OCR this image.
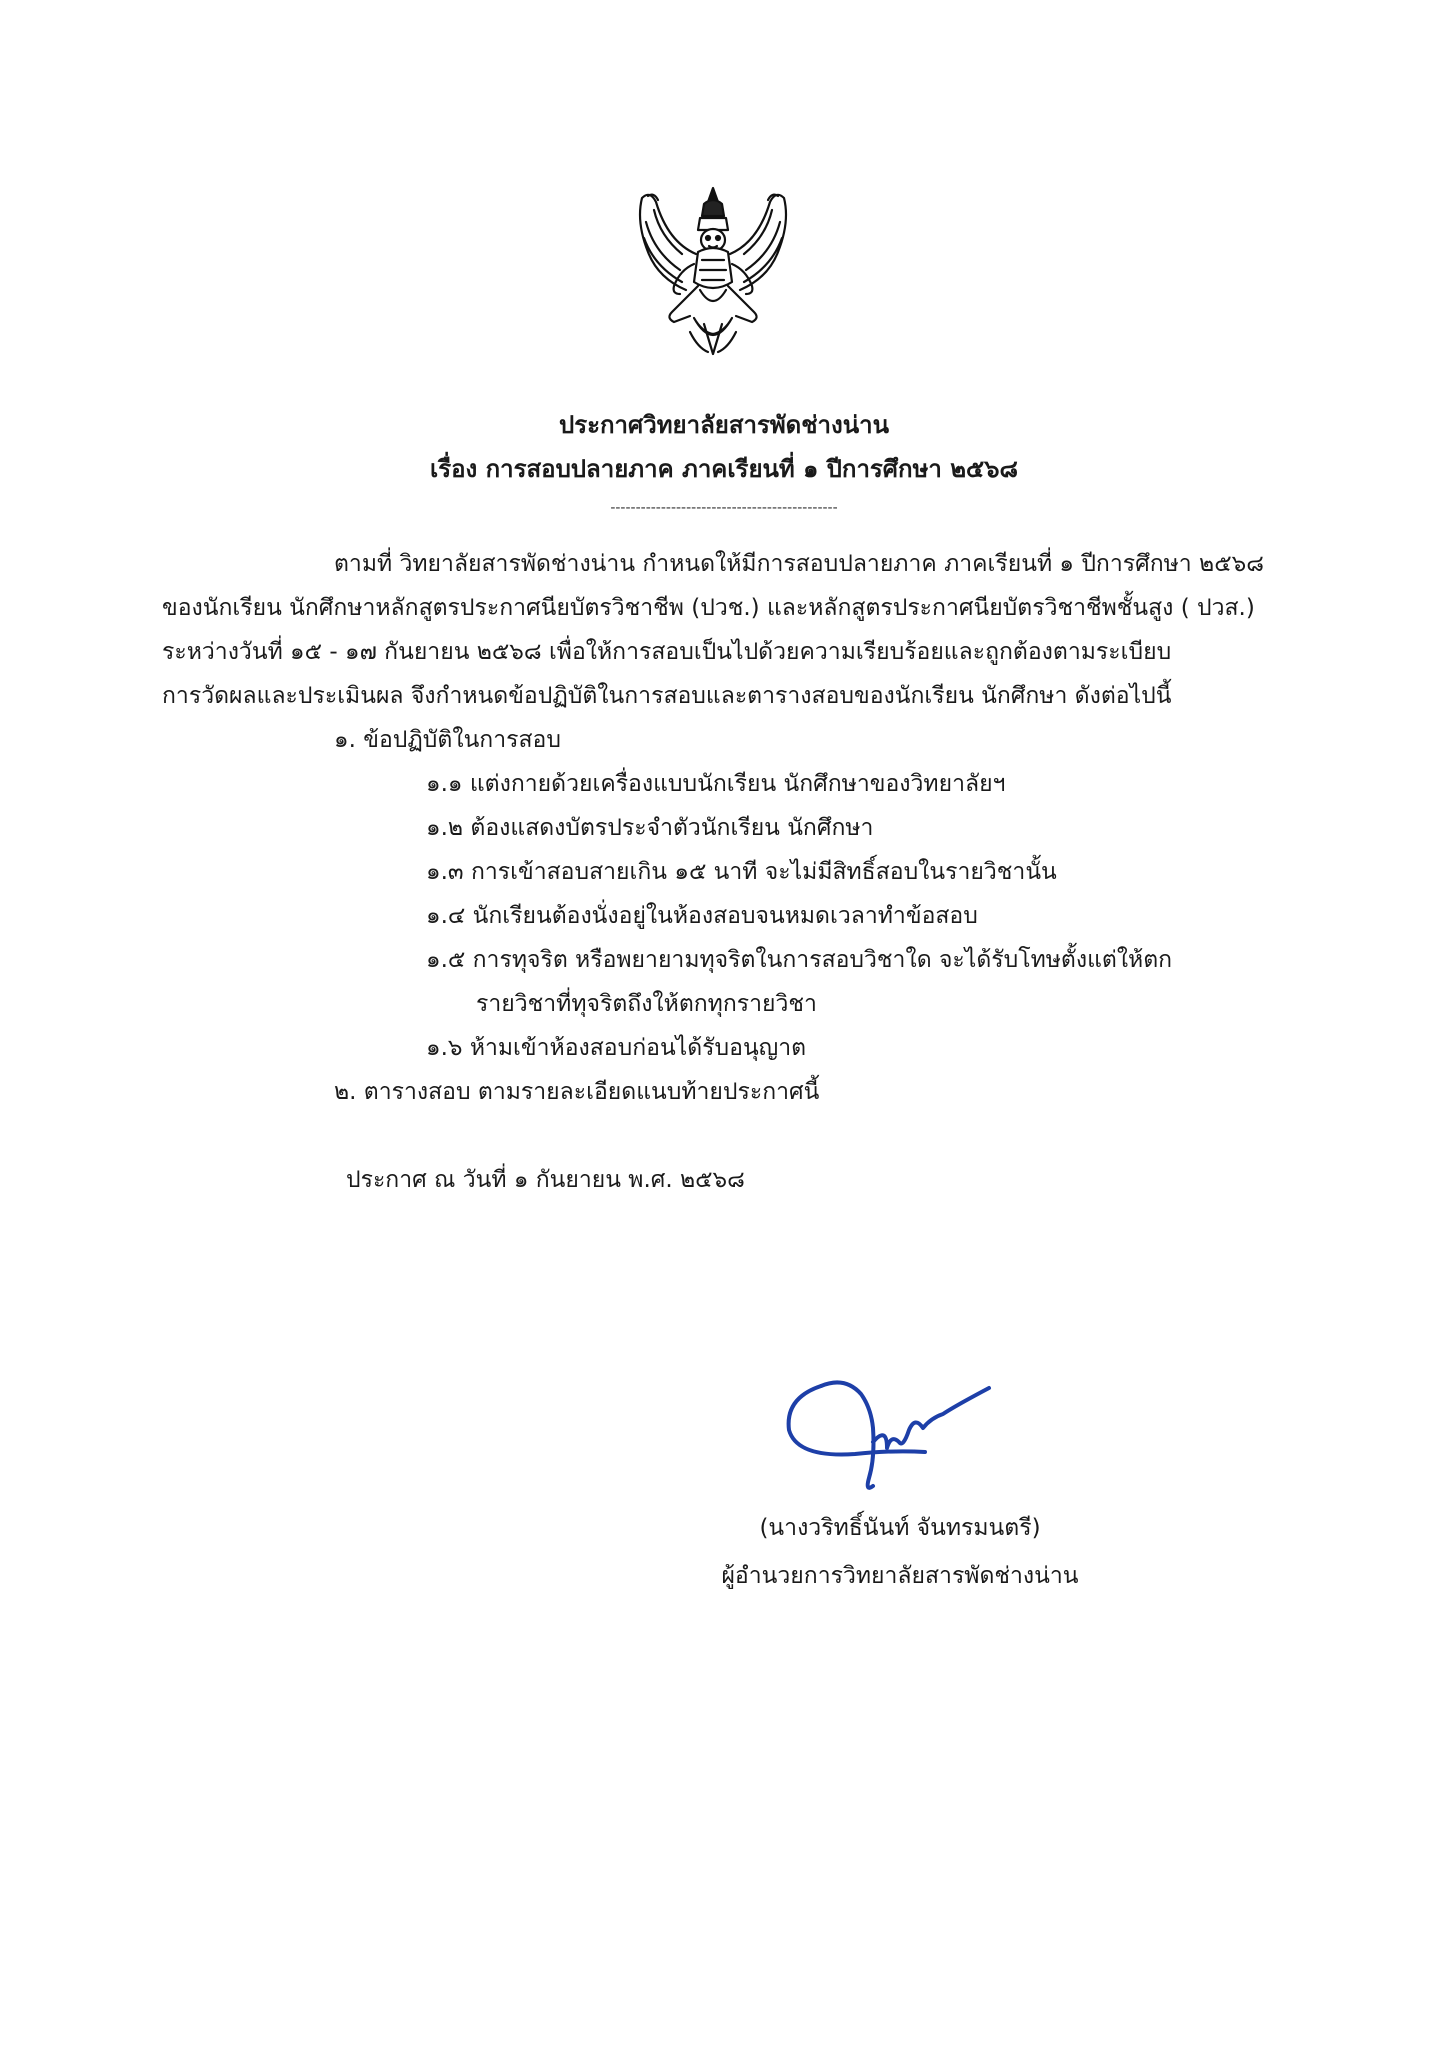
ประกาศวิทยาลัยสารพัดช่างน่าน
เรื่อง การสอบปลายภาค ภาคเรียนที่ ๑ ปีการศึกษา ๒๕๖๘
---------------------------------------------
ตามที่ วิทยาลัยสารพัดช่างน่าน กำหนดให้มีการสอบปลายภาค ภาคเรียนที่ ๑ ปีการศึกษา ๒๕๖๘
ของนักเรียน นักศึกษาหลักสูตรประกาศนียบัตรวิชาชีพ (ปวช.) และหลักสูตรประกาศนียบัตรวิชาชีพชั้นสูง ( ปวส.)
ระหว่างวันที่ ๑๕ - ๑๗ กันยายน ๒๕๖๘ เพื่อให้การสอบเป็นไปด้วยความเรียบร้อยและถูกต้องตามระเบียบ
การวัดผลและประเมินผล จึงกำหนดข้อปฏิบัติในการสอบและตารางสอบของนักเรียน นักศึกษา ดังต่อไปนี้
๑. ข้อปฏิบัติในการสอบ
๑.๑ แต่งกายด้วยเครื่องแบบนักเรียน นักศึกษาของวิทยาลัยฯ
๑.๒ ต้องแสดงบัตรประจำตัวนักเรียน นักศึกษา
๑.๓ การเข้าสอบสายเกิน ๑๕ นาที จะไม่มีสิทธิ์สอบในรายวิชานั้น
๑.๔ นักเรียนต้องนั่งอยู่ในห้องสอบจนหมดเวลาทำข้อสอบ
๑.๕ การทุจริต หรือพยายามทุจริตในการสอบวิชาใด จะได้รับโทษตั้งแต่ให้ตก
รายวิชาที่ทุจริตถึงให้ตกทุกรายวิชา
๑.๖ ห้ามเข้าห้องสอบก่อนได้รับอนุญาต
๒. ตารางสอบ ตามรายละเอียดแนบท้ายประกาศนี้
ประกาศ ณ วันที่ ๑ กันยายน พ.ศ. ๒๕๖๘
(นางวริทธิ์นันท์ จันทรมนตรี)
ผู้อำนวยการวิทยาลัยสารพัดช่างน่าน
